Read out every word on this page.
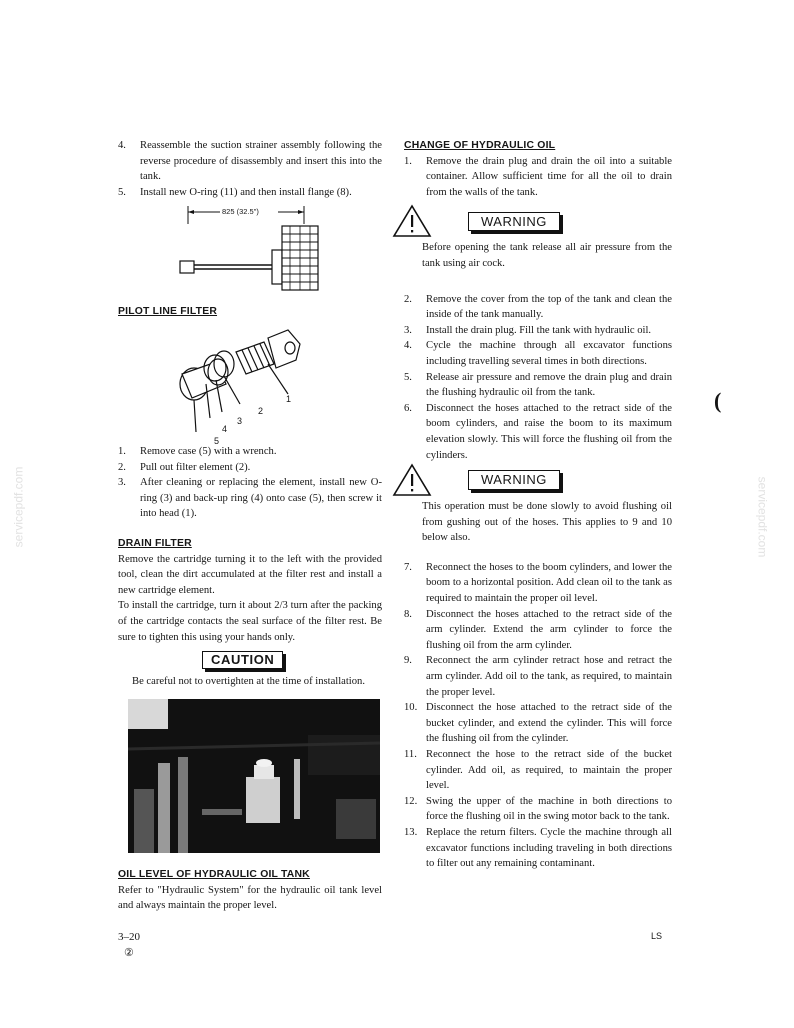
servicepdf.com	servicepdf.com
(
4.	Reassemble the suction strainer assembly following the reverse procedure of disassembly and insert this into the tank.
5.	Install new O-ring (11) and then install flange (8).
825 (32.5")
PILOT LINE FILTER
1
2
3
4
5
1.	Remove case (5) with a wrench.
2.	Pull out filter element (2).
3.	After cleaning or replacing the element, install new O-ring (3) and back-up ring (4) onto case (5), then screw it into head (1).
DRAIN FILTER
Remove the cartridge turning it to the left with the provided tool, clean the dirt accumulated at the filter rest and install a new cartridge element.
To install the cartridge, turn it about 2/3 turn after the packing of the cartridge contacts the seal surface of the filter rest. Be sure to tighten this using your hands only.
CAUTION
Be careful not to overtighten at the time of installation.
OIL LEVEL OF HYDRAULIC OIL TANK
Refer to "Hydraulic System" for the hydraulic oil tank level and always maintain the proper level.
CHANGE OF HYDRAULIC OIL
1.	Remove the drain plug and drain the oil into a suitable container. Allow sufficient time for all the oil to drain from the walls of the tank.
WARNING
Before opening the tank release all air pressure from the tank using air cock.
2.	Remove the cover from the top of the tank and clean the inside of the tank manually.
3.	Install the drain plug. Fill the tank with hydraulic oil.
4.	Cycle the machine through all excavator functions including travelling several times in both directions.
5.	Release air pressure and remove the drain plug and drain the flushing hydraulic oil from the tank.
6.	Disconnect the hoses attached to the retract side of the boom cylinders, and raise the boom to its maximum elevation slowly. This will force the flushing oil from the cylinders.
WARNING
This operation must be done slowly to avoid flushing oil from gushing out of the hoses. This applies to 9 and 10 below also.
7.	Reconnect the hoses to the boom cylinders, and lower the boom to a horizontal position. Add clean oil to the tank as required to maintain the proper oil level.
8.	Disconnect the hoses attached to the retract side of the arm cylinder. Extend the arm cylinder to force the flushing oil from the arm cylinder.
9.	Reconnect the arm cylinder retract hose and retract the arm cylinder. Add oil to the tank, as required, to maintain the proper level.
10. Disconnect the hose attached to the retract side of the bucket cylinder, and extend the cylinder. This will force the flushing oil from the cylinder.
11. Reconnect the hose to the retract side of the bucket cylinder. Add oil, as required, to maintain the proper level.
12. Swing the upper of the machine in both directions to force the flushing oil in the swing motor back to the tank.
13. Replace the return filters. Cycle the machine through all excavator functions including traveling in both directions to filter out any remaining contaminant.
3–20
②
LS
